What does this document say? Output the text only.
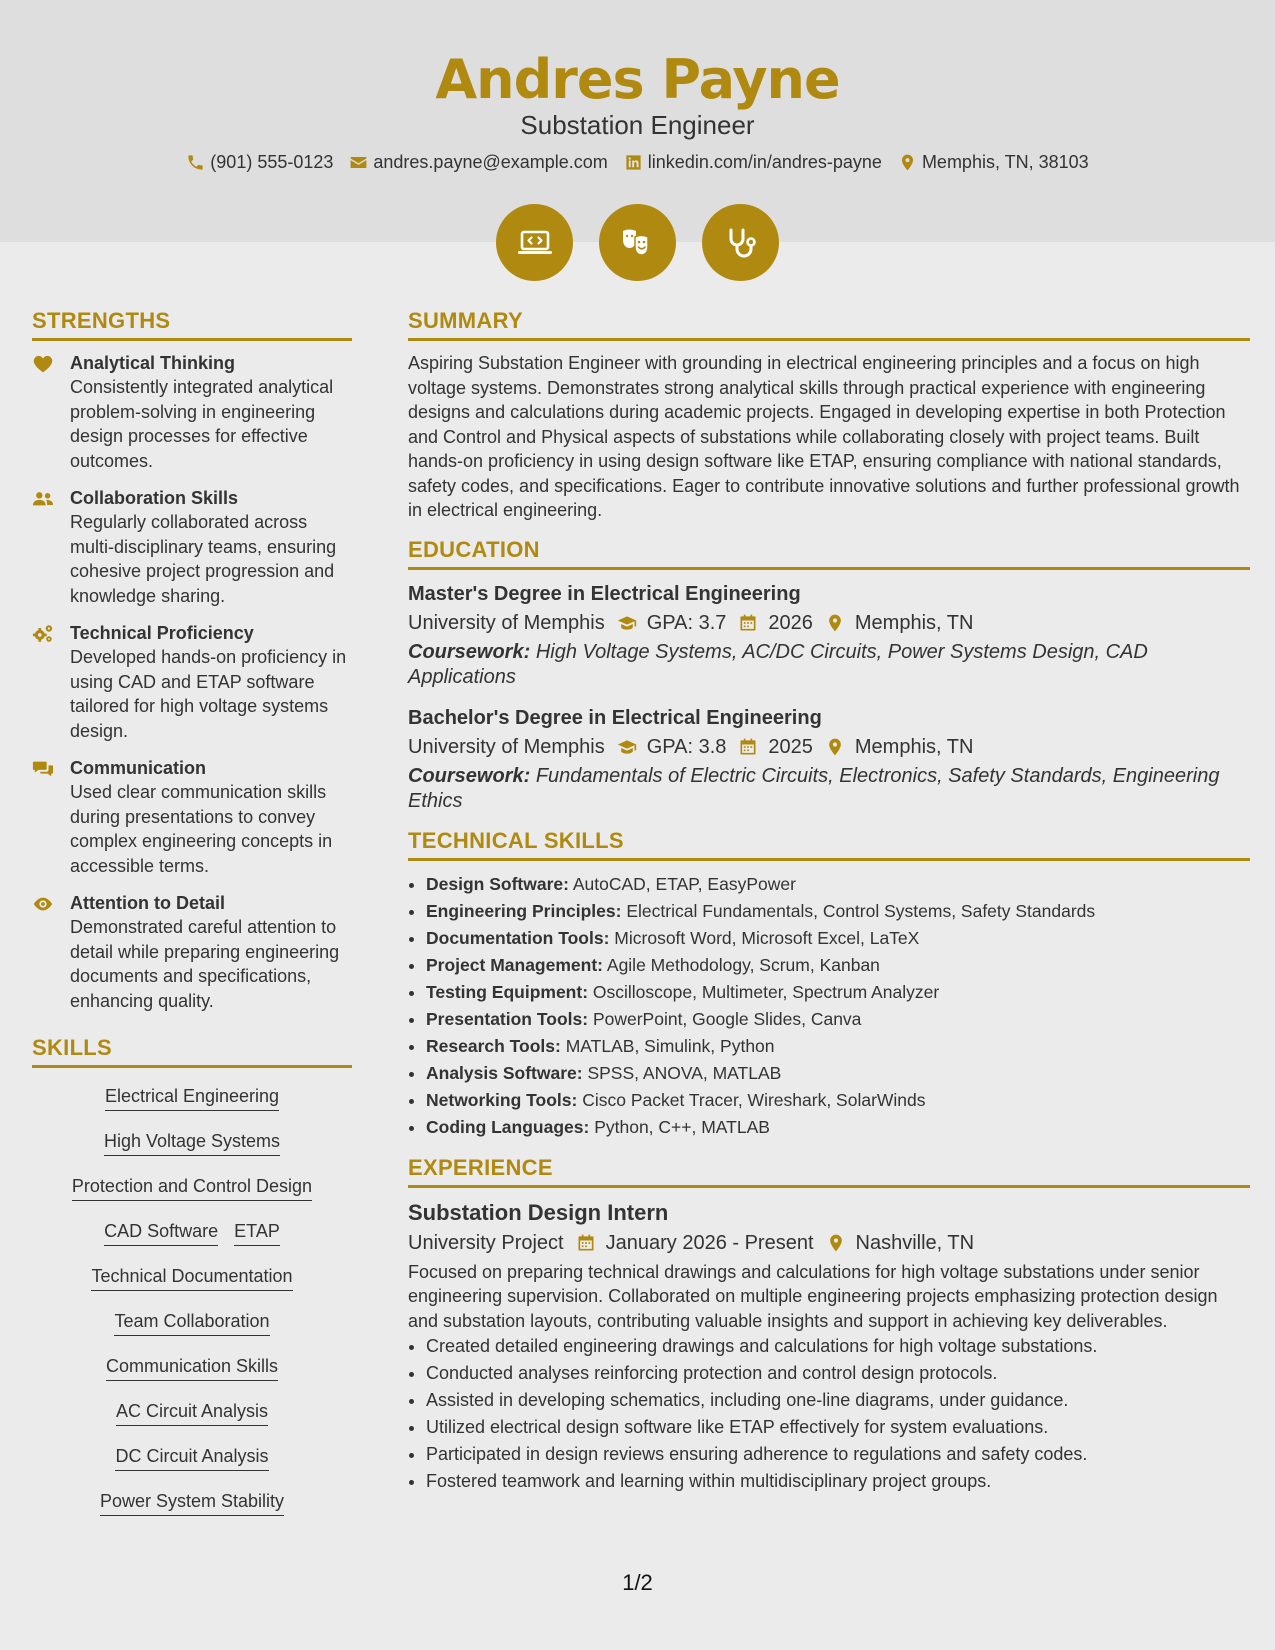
Andres Payne
Substation Engineer
(901) 555-0123 andres.payne@example.com linkedin.com/in/andres-payne Memphis, TN, 38103
STRENGTHS
Analytical Thinking
Consistently integrated analytical problem-solving in engineering design processes for effective outcomes.
Collaboration Skills
Regularly collaborated across multi-disciplinary teams, ensuring cohesive project progression and knowledge sharing.
Technical Proficiency
Developed hands-on proficiency in using CAD and ETAP software tailored for high voltage systems design.
Communication
Used clear communication skills during presentations to convey complex engineering concepts in accessible terms.
Attention to Detail
Demonstrated careful attention to detail while preparing engineering documents and specifications, enhancing quality.
SKILLS
Electrical Engineering
High Voltage Systems
Protection and Control Design
CAD Software ETAP
Technical Documentation
Team Collaboration
Communication Skills
AC Circuit Analysis
DC Circuit Analysis
Power System Stability
SUMMARY
Aspiring Substation Engineer with grounding in electrical engineering principles and a focus on high voltage systems. Demonstrates strong analytical skills through practical experience with engineering designs and calculations during academic projects. Engaged in developing expertise in both Protection and Control and Physical aspects of substations while collaborating closely with project teams. Built hands-on proficiency in using design software like ETAP, ensuring compliance with national standards, safety codes, and specifications. Eager to contribute innovative solutions and further professional growth in electrical engineering.
EDUCATION
Master's Degree in Electrical Engineering
University of Memphis GPA: 3.7 2026 Memphis, TN
Coursework: High Voltage Systems, AC/DC Circuits, Power Systems Design, CAD Applications
Bachelor's Degree in Electrical Engineering
University of Memphis GPA: 3.8 2025 Memphis, TN
Coursework: Fundamentals of Electric Circuits, Electronics, Safety Standards, Engineering Ethics
TECHNICAL SKILLS
• Design Software: AutoCAD, ETAP, EasyPower
• Engineering Principles: Electrical Fundamentals, Control Systems, Safety Standards
• Documentation Tools: Microsoft Word, Microsoft Excel, LaTeX
• Project Management: Agile Methodology, Scrum, Kanban
• Testing Equipment: Oscilloscope, Multimeter, Spectrum Analyzer
• Presentation Tools: PowerPoint, Google Slides, Canva
• Research Tools: MATLAB, Simulink, Python
• Analysis Software: SPSS, ANOVA, MATLAB
• Networking Tools: Cisco Packet Tracer, Wireshark, SolarWinds
• Coding Languages: Python, C++, MATLAB
EXPERIENCE
Substation Design Intern
University Project January 2026 - Present Nashville, TN
Focused on preparing technical drawings and calculations for high voltage substations under senior engineering supervision. Collaborated on multiple engineering projects emphasizing protection design and substation layouts, contributing valuable insights and support in achieving key deliverables.
• Created detailed engineering drawings and calculations for high voltage substations.
• Conducted analyses reinforcing protection and control design protocols.
• Assisted in developing schematics, including one-line diagrams, under guidance.
• Utilized electrical design software like ETAP effectively for system evaluations.
• Participated in design reviews ensuring adherence to regulations and safety codes.
• Fostered teamwork and learning within multidisciplinary project groups.
1/2
